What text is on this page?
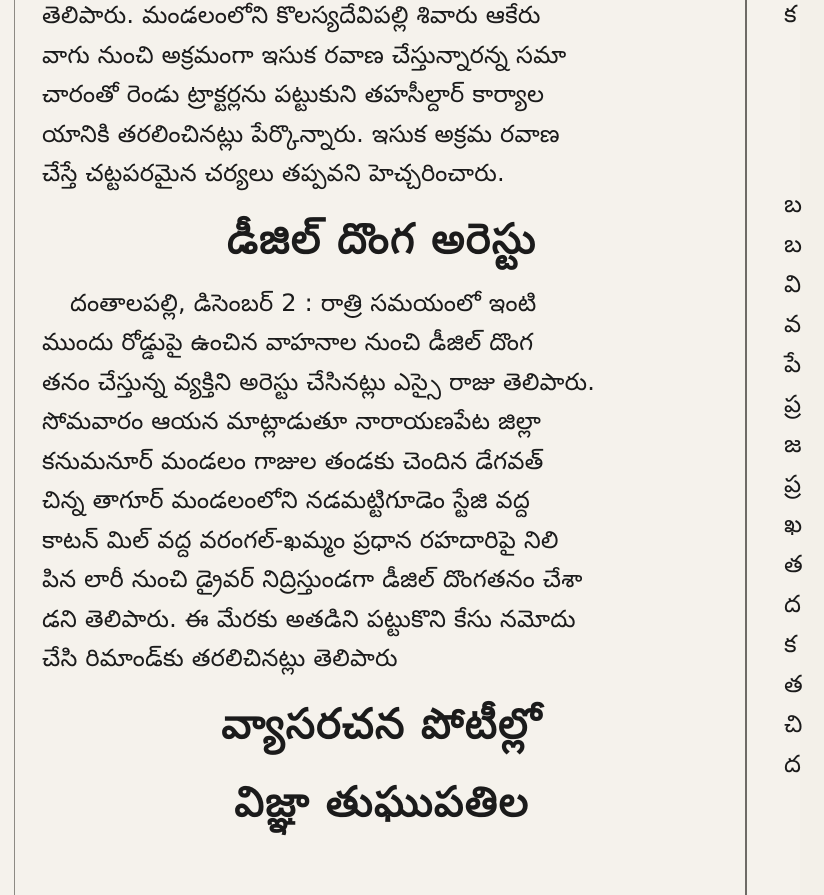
తెలిపారు. మండలంలోని కొలస్యదేవిపల్లి శివారు ఆకేరు
వాగు నుంచి అక్రమంగా ఇసుక రవాణ చేస్తున్నారన్న సమా
చారంతో రెండు ట్రాక్టర్లను పట్టుకుని తహసీల్దార్ కార్యాల
యానికి తరలించినట్లు పేర్కొన్నారు. ఇసుక అక్రమ రవాణ
చేస్తే చట్టపరమైన చర్యలు తప్పవని హెచ్చరించారు.
డీజిల్ దొంగ అరెస్టు
దంతాలపల్లి, డిసెంబర్ 2 : రాత్రి సమయంలో ఇంటి
ముందు రోడ్డుపై ఉంచిన వాహనాల నుంచి డీజిల్ దొంగ
తనం చేస్తున్న వ్యక్తిని అరెస్టు చేసినట్లు ఎస్సై రాజు తెలిపారు.
సోమవారం ఆయన మాట్లాడుతూ నారాయణపేట జిల్లా
కనుమనూర్ మండలం గాజుల తండకు చెందిన డేగవత్
చిన్న తాగూర్ మండలంలోని నడమట్టిగూడెం స్టేజి వద్ద
కాటన్ మిల్ వద్ద వరంగల్-ఖమ్మం ప్రధాన రహదారిపై నిలి
పిన లారీ నుంచి డ్రైవర్ నిద్రిస్తుండగా డీజిల్ దొంగతనం చేశా
డని తెలిపారు. ఈ మేరకు అతడిని పట్టుకొని కేసు నమోదు
చేసి రిమాండ్‌కు తరలిచినట్లు తెలిపారు
వ్యాసరచన పోటీల్లో
విజ్ఞా తుఘుపతిల
క
బ
బ
వి
వ
పే
ప్ర
జ
ప్ర
ఖ
త
ద
క
త
చి
ద
